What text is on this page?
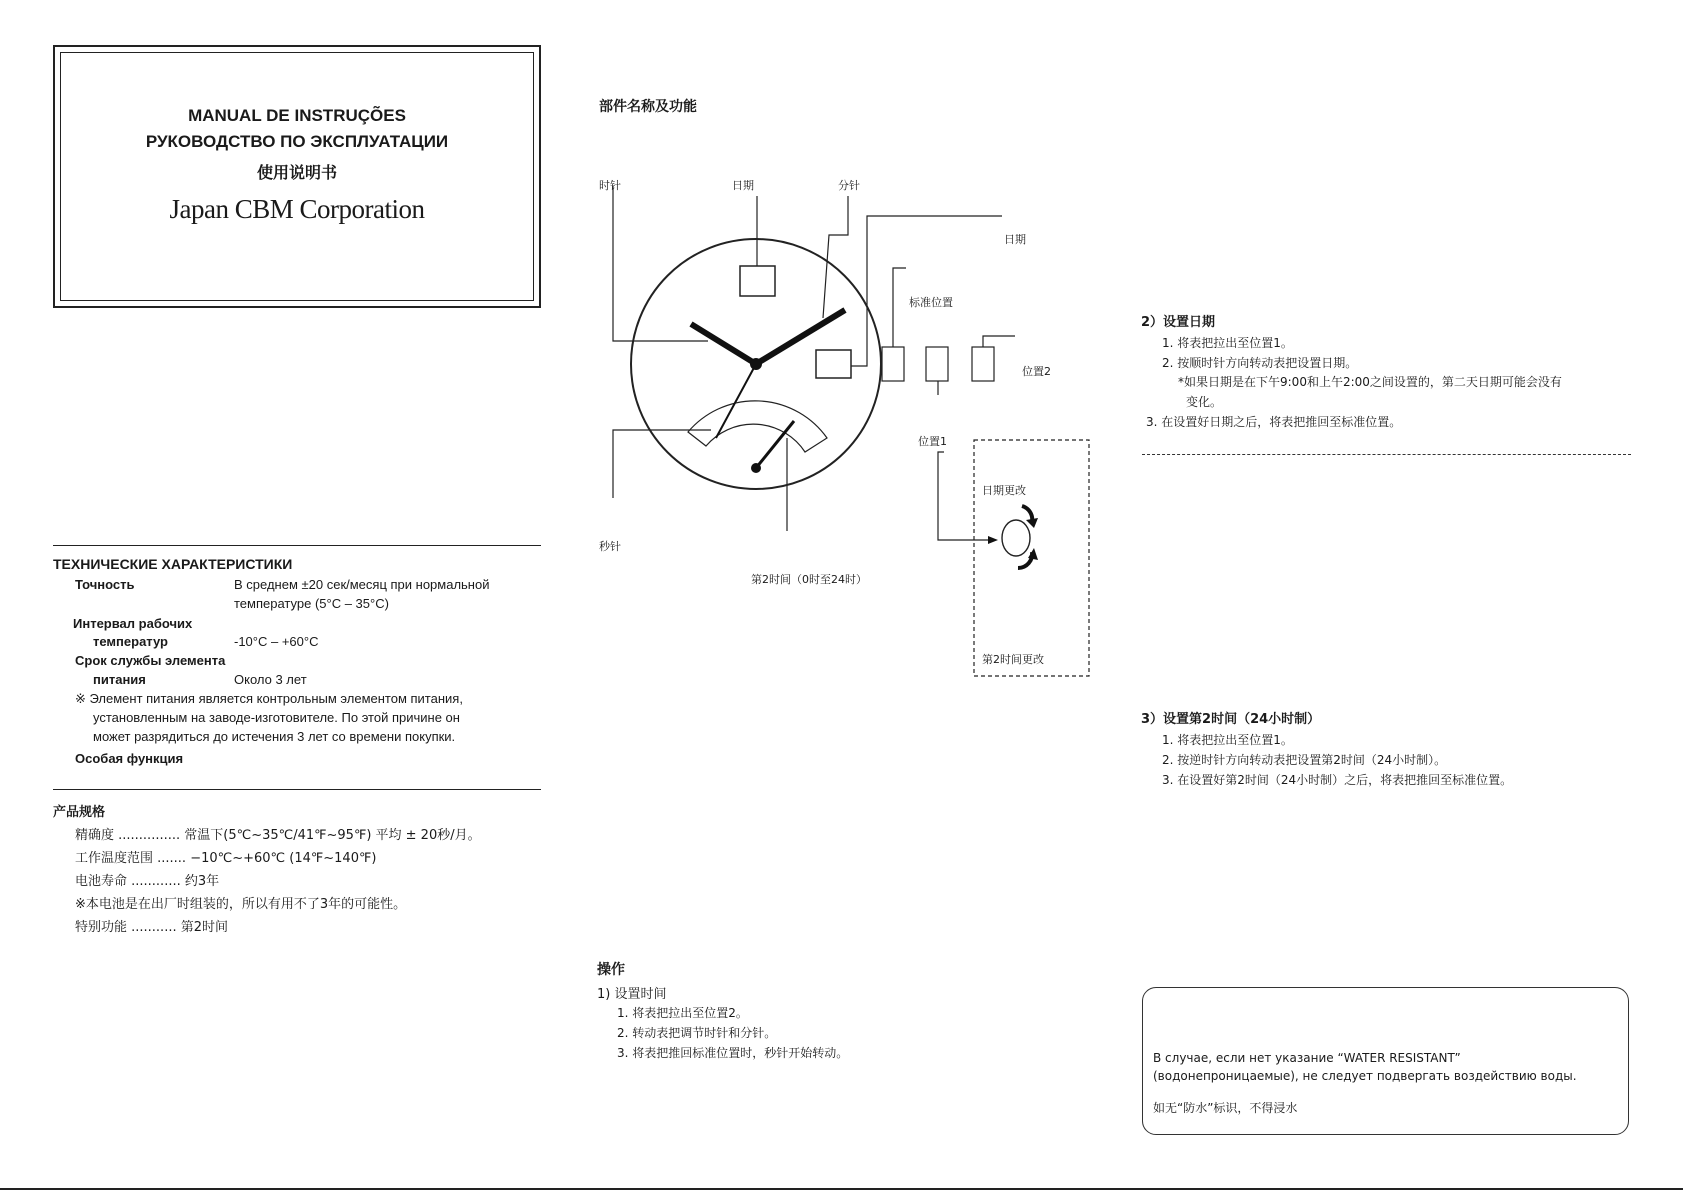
MANUAL DE INSTRUÇÕES
РУКОВОДСТВО ПО ЭКСПЛУАТАЦИИ
使用说明书
Japan CBM Corporation
ТЕХНИЧЕСКИЕ ХАРАКТЕРИСТИКИ
Точность	В среднем ±20 сек/месяц при нормальной
температуре (5°C – 35°C)
Интервал рабочих
температур	-10°C – +60°C
Срок службы элемента
питания	Около 3 лет
※ Элемент питания является контрольным элементом питания,
установленным на заводе-изготовителе. По этой причине он
может разрядиться до истечения 3 лет со времени покупки.
Особая функция
产品规格
精确度 ............... 常温下(5℃~35℃/41℉~95℉) 平均 ± 20秒/月。
工作温度范围 ....... −10℃~+60℃ (14℉~140℉)
电池寿命 ............ 约3年
※本电池是在出厂时组装的，所以有用不了3年的可能性。
特别功能 ........... 第2时间
部件名称及功能
时针	日期	分针
日期
标准位置
位置2
位置1
日期更改
秒针
第2时间（0时至24时）
第2时间更改
操作
1) 设置时间
1. 将表把拉出至位置2。
2. 转动表把调节时针和分针。
3. 将表把推回标准位置时，秒针开始转动。
2）设置日期
1. 将表把拉出至位置1。
2. 按顺时针方向转动表把设置日期。
*如果日期是在下午9:00和上午2:00之间设置的，第二天日期可能会没有
变化。
3. 在设置好日期之后，将表把推回至标准位置。
3）设置第2时间（24小时制）
1. 将表把拉出至位置1。
2. 按逆时针方向转动表把设置第2时间（24小时制）。
3. 在设置好第2时间（24小时制）之后，将表把推回至标准位置。
В случае, если нет указание “WATER RESISTANT”
(водонепроницаемые), не следует подвергать воздействию воды.
如无“防水”标识，不得浸水
